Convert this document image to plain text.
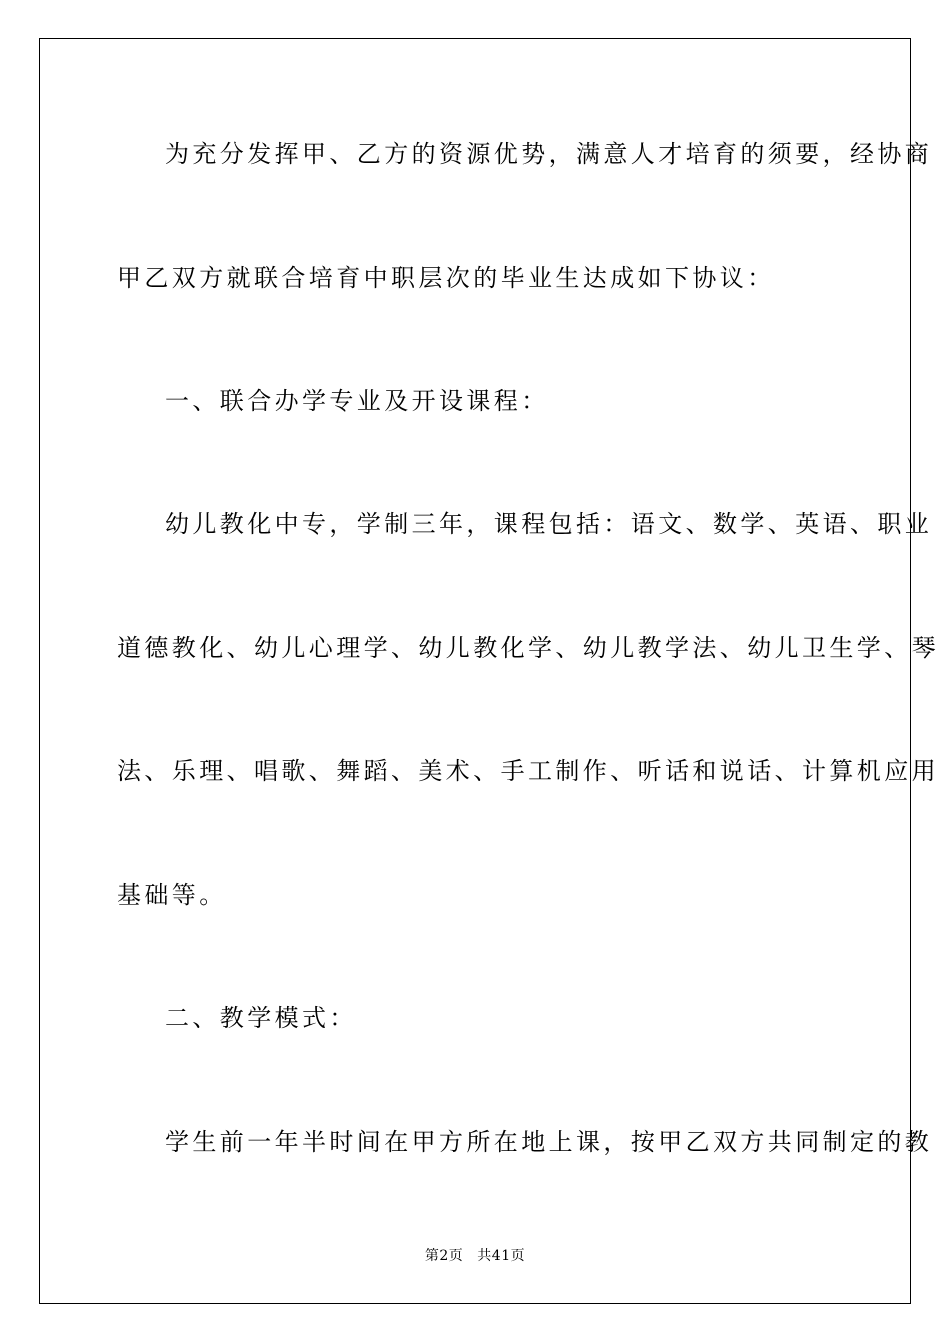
为充分发挥甲、乙方的资源优势，满意人才培育的须要，经协商
甲乙双方就联合培育中职层次的毕业生达成如下协议：
一、联合办学专业及开设课程：
幼儿教化中专，学制三年，课程包括：语文、数学、英语、职业
道德教化、幼儿心理学、幼儿教化学、幼儿教学法、幼儿卫生学、琴
法、乐理、唱歌、舞蹈、美术、手工制作、听话和说话、计算机应用
基础等。
二、教学模式：
学生前一年半时间在甲方所在地上课，按甲乙双方共同制定的教
第2页 共41页
